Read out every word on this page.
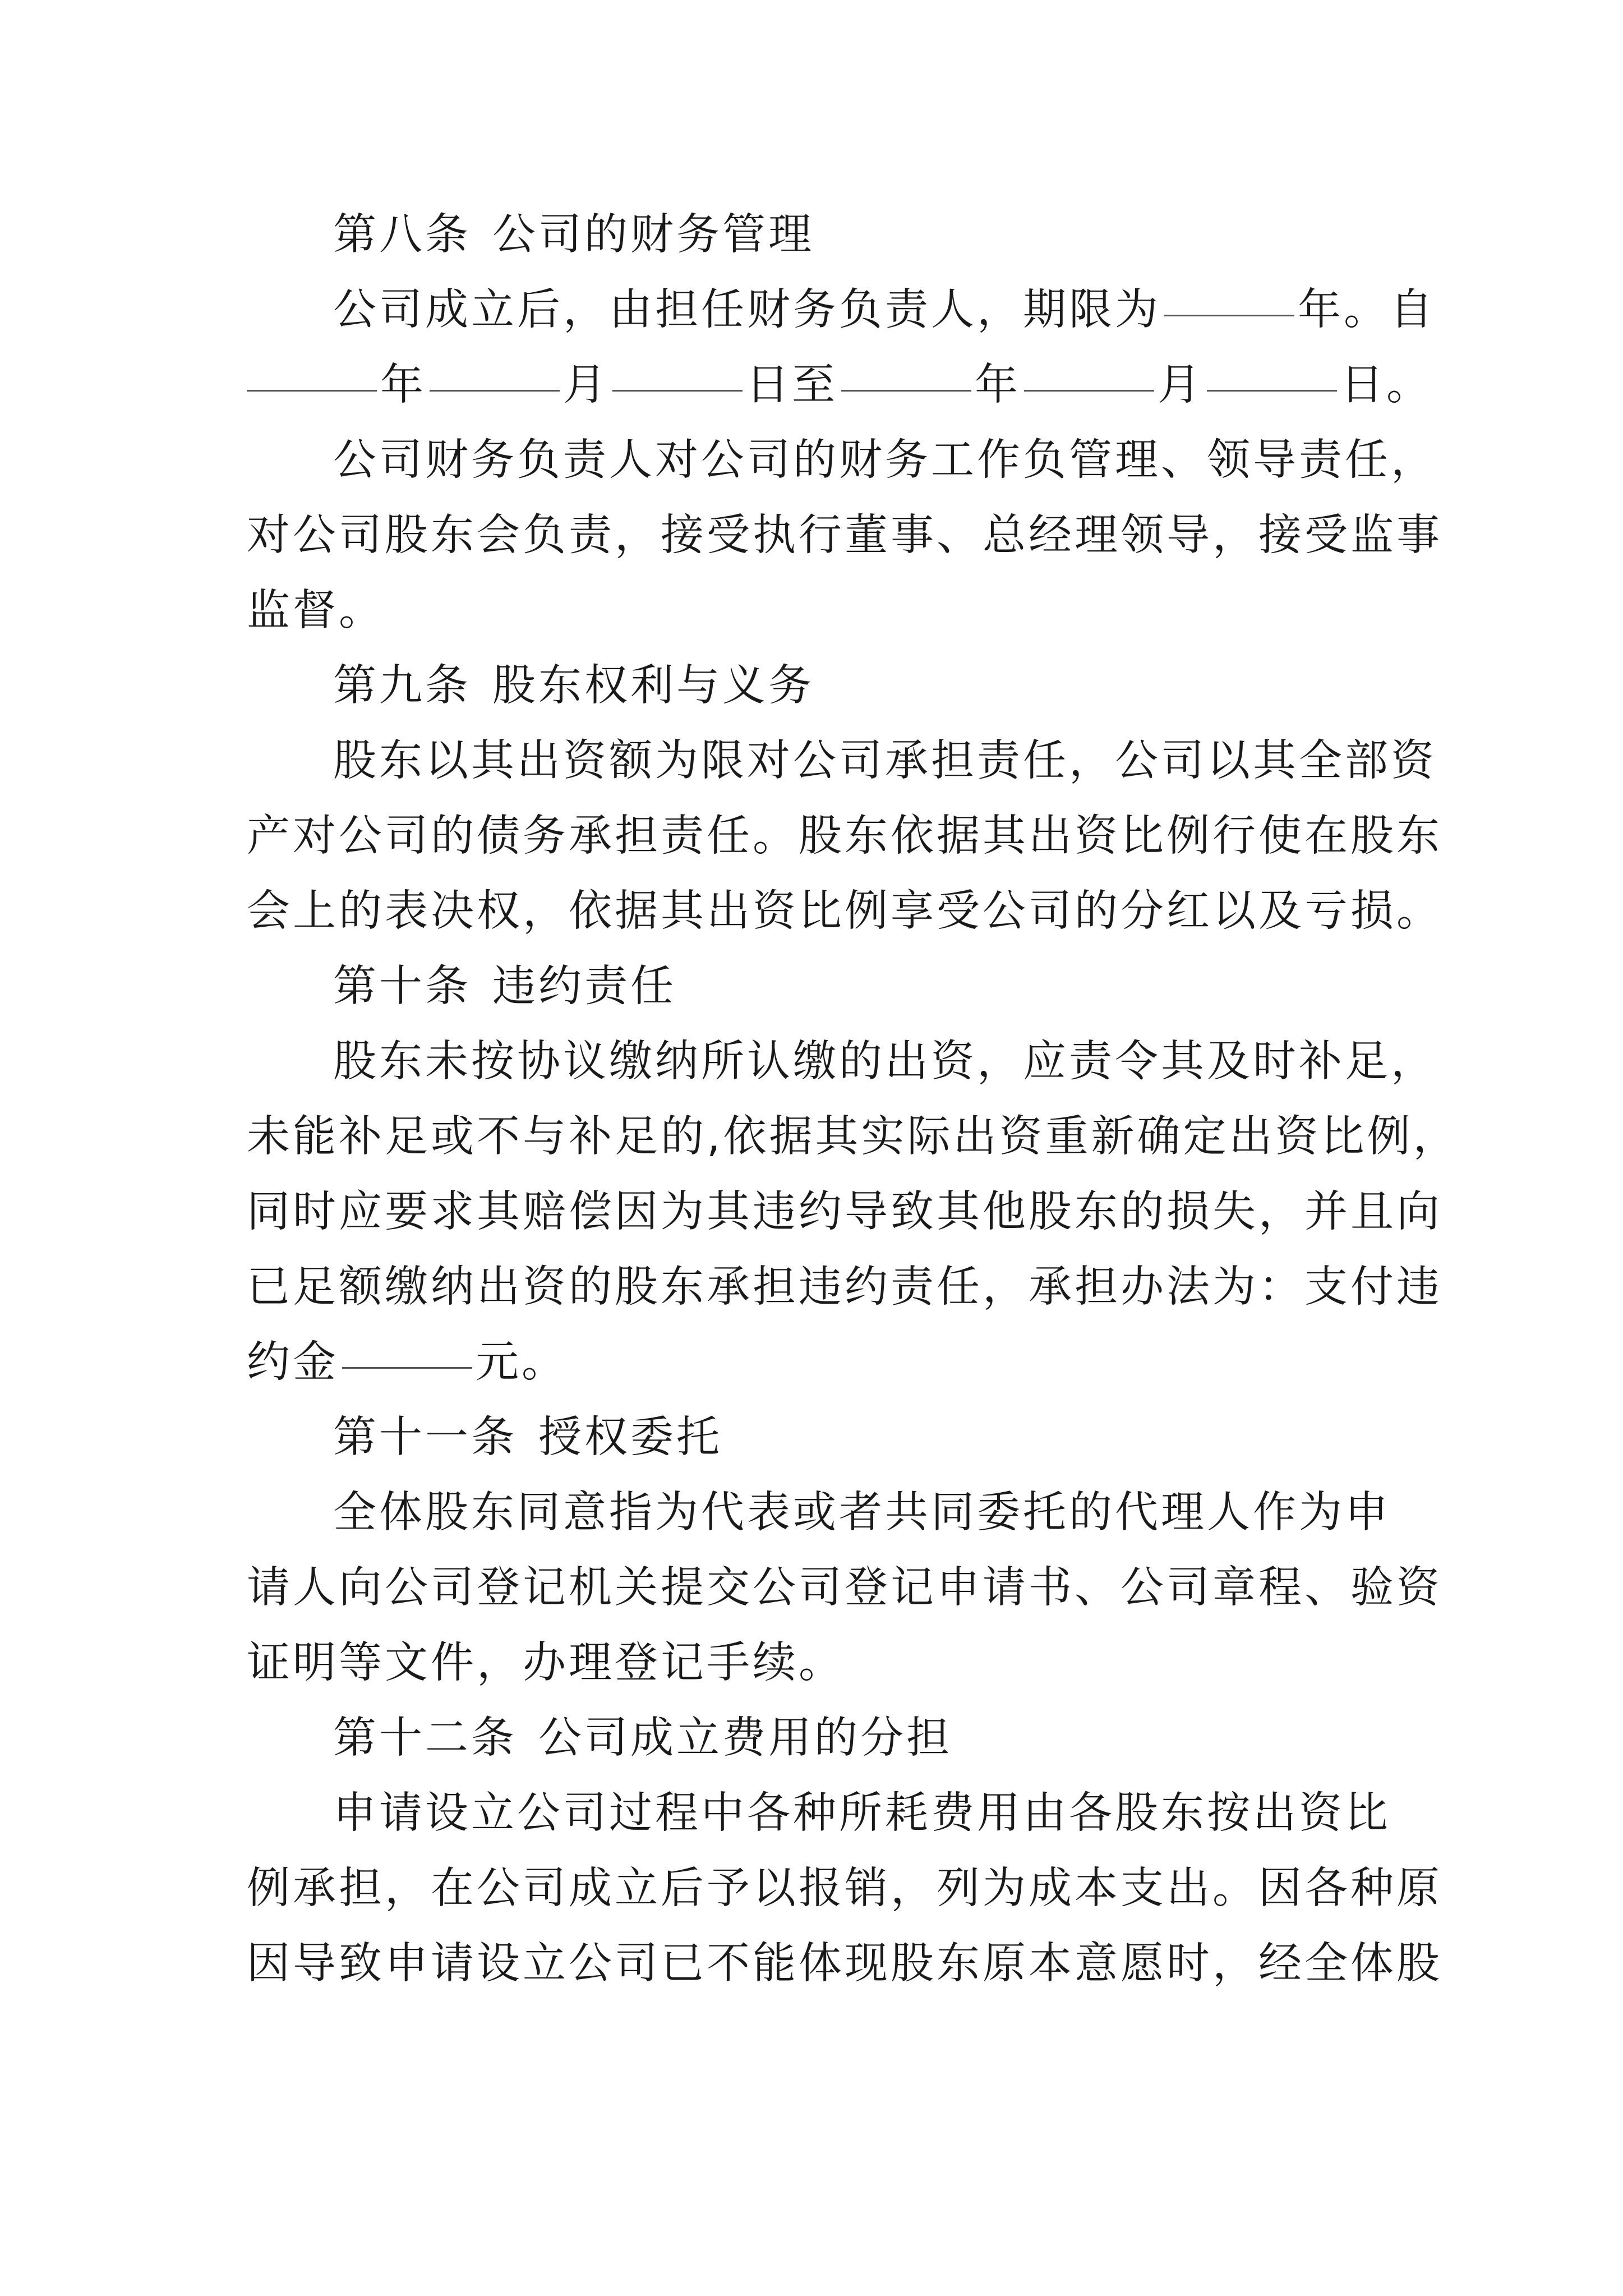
第八条 公司的财务管理
公司成立后，由担任财务负责人，期限为	年。自
年	月	日至	年	月	日。
公司财务负责人对公司的财务工作负管理、领导责任，
对公司股东会负责，接受执行董事、总经理领导，接受监事
监督。
第九条 股东权利与义务
股东以其出资额为限对公司承担责任，公司以其全部资
产对公司的债务承担责任。股东依据其出资比例行使在股东
会上的表决权，依据其出资比例享受公司的分红以及亏损。
第十条 违约责任
股东未按协议缴纳所认缴的出资，应责令其及时补足，
未能补足或不与补足的,依据其实际出资重新确定出资比例，
同时应要求其赔偿因为其违约导致其他股东的损失，并且向
已足额缴纳出资的股东承担违约责任，承担办法为：支付违
约金	元。
第十一条 授权委托
全体股东同意指为代表或者共同委托的代理人作为申
请人向公司登记机关提交公司登记申请书、公司章程、验资
证明等文件，办理登记手续。
第十二条 公司成立费用的分担
申请设立公司过程中各种所耗费用由各股东按出资比
例承担，在公司成立后予以报销，列为成本支出。因各种原
因导致申请设立公司已不能体现股东原本意愿时，经全体股
